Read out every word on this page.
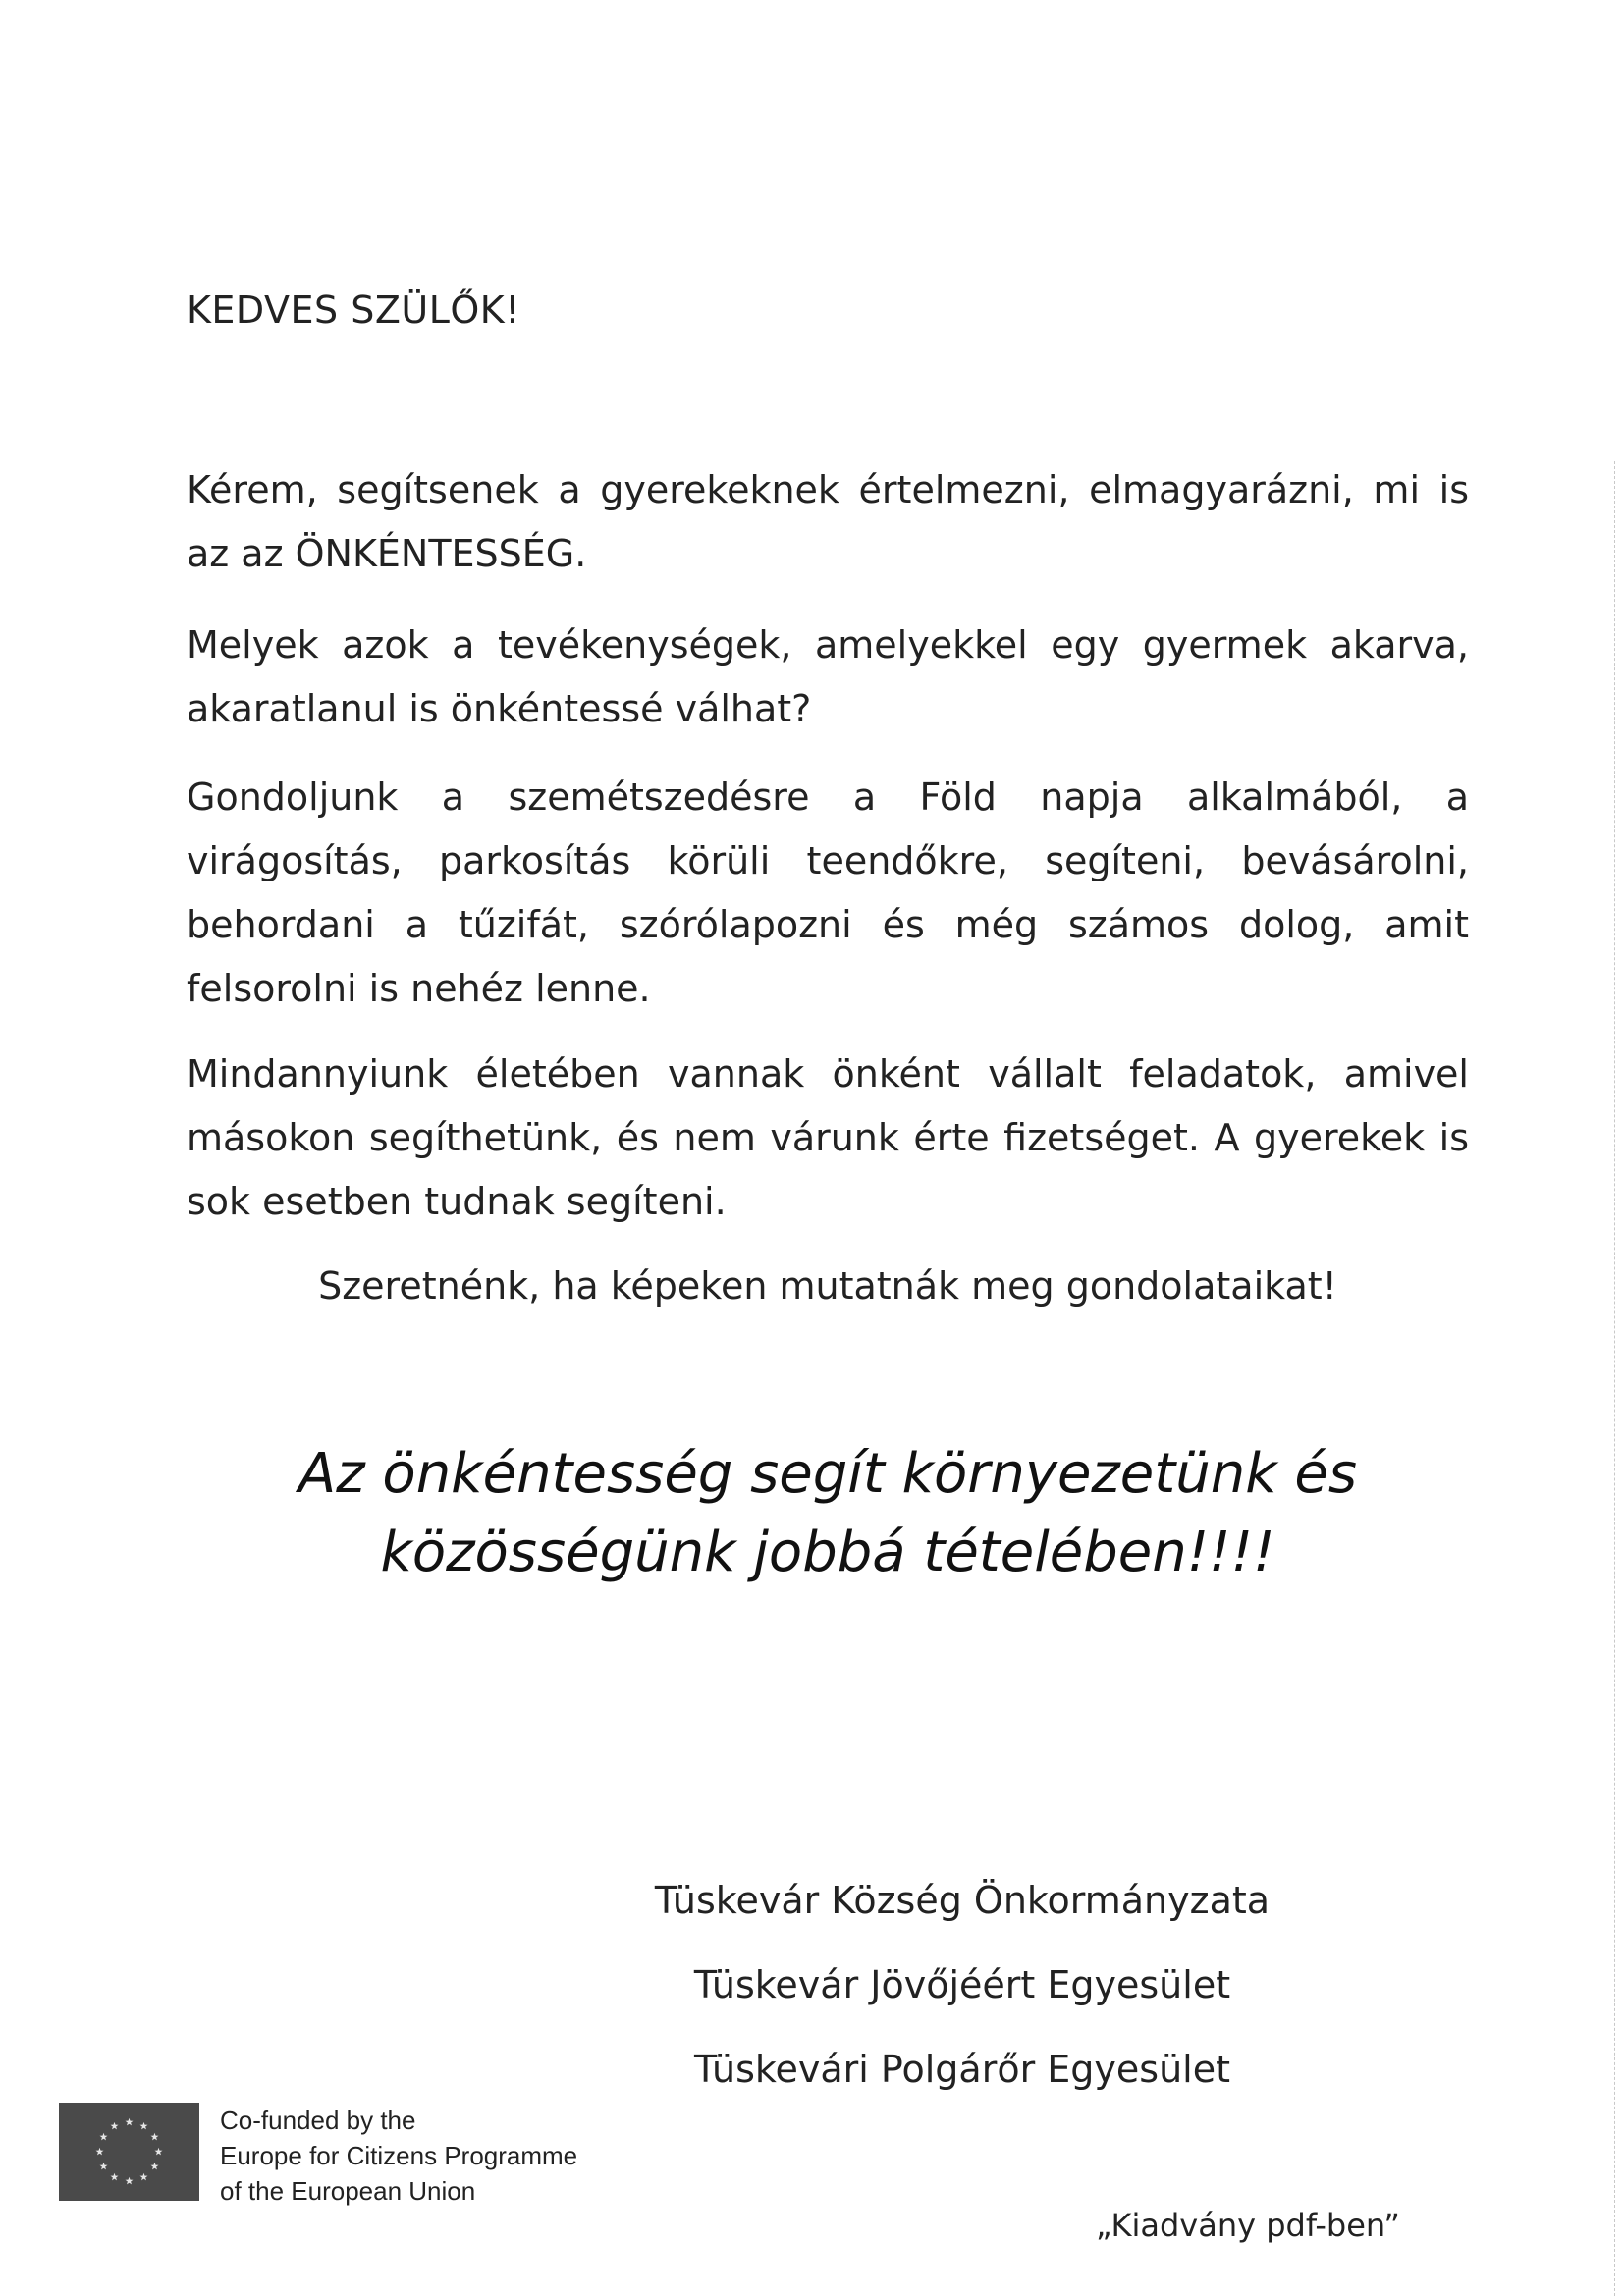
KEDVES SZÜLŐK!
Kérem, segítsenek a gyerekeknek értelmezni, elmagyarázni, mi is az az ÖNKÉNTESSÉG.
Melyek azok a tevékenységek, amelyekkel egy gyermek akarva, akaratlanul is önkéntessé válhat?
Gondoljunk a szemétszedésre a Föld napja alkalmából, a virágosítás, parkosítás körüli teendőkre, segíteni, bevásárolni, behordani a tűzifát, szórólapozni és még számos dolog, amit felsorolni is nehéz lenne.
Mindannyiunk életében vannak önként vállalt feladatok, amivel másokon segíthetünk, és nem várunk érte fizetséget. A gyerekek is sok esetben tudnak segíteni.
Szeretnénk, ha képeken mutatnák meg gondolataikat!
Az önkéntesség segít környezetünk és
közösségünk jobbá tételében!!!!
Tüskevár Község Önkormányzata
Tüskevár Jövőjéért Egyesület
Tüskevári Polgárőr Egyesület
Co-funded by the
Europe for Citizens Programme
of the European Union
„Kiadvány pdf-ben”
